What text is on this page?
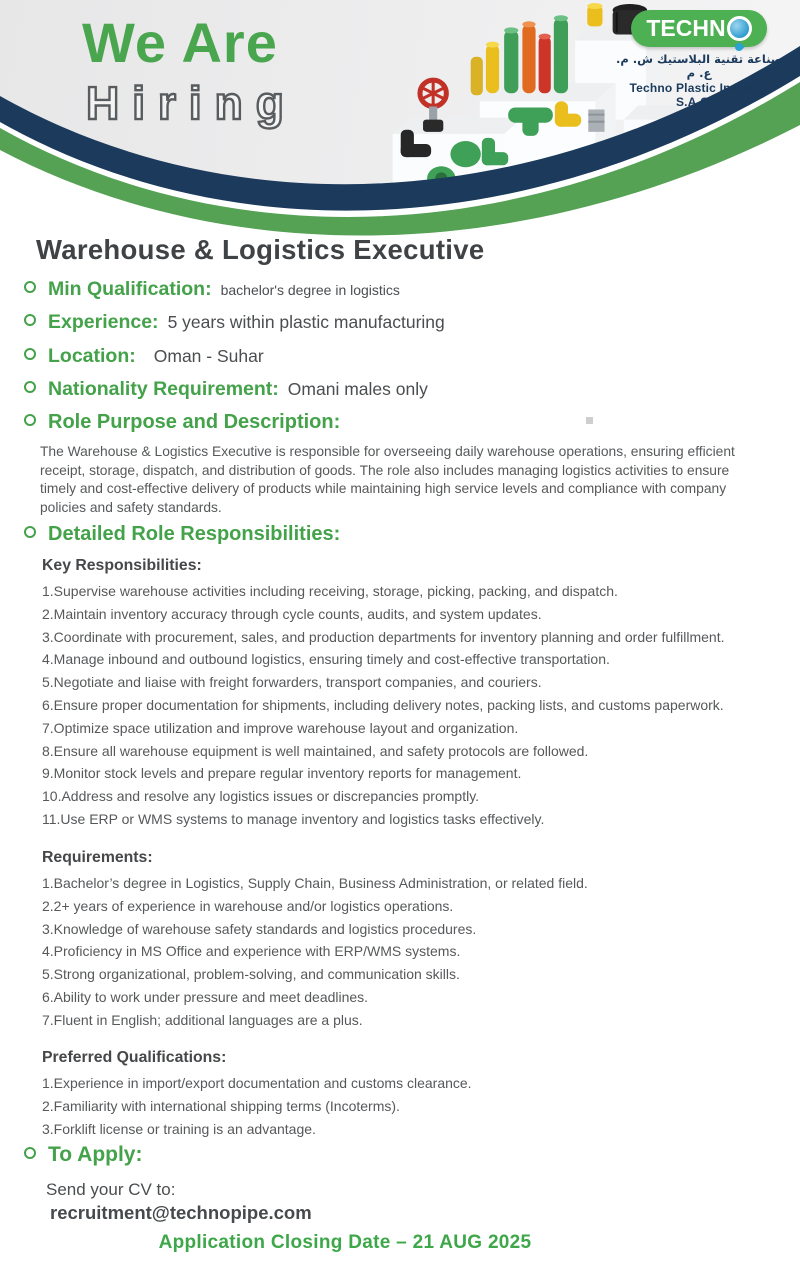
We Are
Hiring
TECHN
صناعة تقنية البلاستيك ش. م. ع. م
Techno Plastic Industry S.A.O.C
Warehouse & Logistics Executive
Min Qualification: bachelor's degree in logistics
Experience: 5 years within plastic manufacturing
Location: Oman - Suhar
Nationality Requirement: Omani males only
Role Purpose and Description:
The Warehouse & Logistics Executive is responsible for overseeing daily warehouse operations, ensuring efficient receipt, storage, dispatch, and distribution of goods. The role also includes managing logistics activities to ensure timely and cost-effective delivery of products while maintaining high service levels and compliance with company policies and safety standards.
Detailed Role Responsibilities:
Key Responsibilities:
1.Supervise warehouse activities including receiving, storage, picking, packing, and dispatch.
2.Maintain inventory accuracy through cycle counts, audits, and system updates.
3.Coordinate with procurement, sales, and production departments for inventory planning and order fulfillment.
4.Manage inbound and outbound logistics, ensuring timely and cost-effective transportation.
5.Negotiate and liaise with freight forwarders, transport companies, and couriers.
6.Ensure proper documentation for shipments, including delivery notes, packing lists, and customs paperwork.
7.Optimize space utilization and improve warehouse layout and organization.
8.Ensure all warehouse equipment is well maintained, and safety protocols are followed.
9.Monitor stock levels and prepare regular inventory reports for management.
10.Address and resolve any logistics issues or discrepancies promptly.
11.Use ERP or WMS systems to manage inventory and logistics tasks effectively.
Requirements:
1.Bachelor’s degree in Logistics, Supply Chain, Business Administration, or related field.
2.2+ years of experience in warehouse and/or logistics operations.
3.Knowledge of warehouse safety standards and logistics procedures.
4.Proficiency in MS Office and experience with ERP/WMS systems.
5.Strong organizational, problem-solving, and communication skills.
6.Ability to work under pressure and meet deadlines.
7.Fluent in English; additional languages are a plus.
Preferred Qualifications:
1.Experience in import/export documentation and customs clearance.
2.Familiarity with international shipping terms (Incoterms).
3.Forklift license or training is an advantage.
To Apply:
Send your CV to:
recruitment@technopipe.com
Application Closing Date – 21 AUG 2025
